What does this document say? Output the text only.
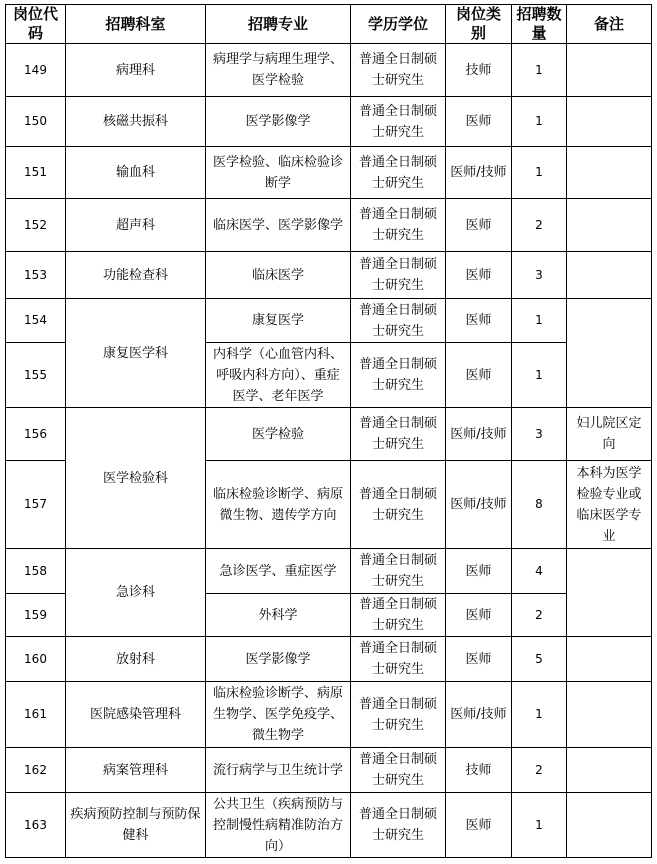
岗位代码	招聘科室	招聘专业	学历学位	岗位类别	招聘数量	备注
149	病理科	病理学与病理生理学、医学检验	普通全日制硕士研究生	技师	1	
150	核磁共振科	医学影像学	普通全日制硕士研究生	医师	1	
151	输血科	医学检验、临床检验诊断学	普通全日制硕士研究生	医师/技师	1	
152	超声科	临床医学、医学影像学	普通全日制硕士研究生	医师	2	
153	功能检查科	临床医学	普通全日制硕士研究生	医师	3	
154	康复医学科	康复医学	普通全日制硕士研究生	医师	1	
155		内科学（心血管内科、呼吸内科方向）、重症医学、老年医学	普通全日制硕士研究生	医师	1	
156	医学检验科	医学检验	普通全日制硕士研究生	医师/技师	3	妇儿院区定向
157		临床检验诊断学、病原微生物、遗传学方向	普通全日制硕士研究生	医师/技师	8	本科为医学检验专业或临床医学专业
158	急诊科	急诊医学、重症医学	普通全日制硕士研究生	医师	4	
159		外科学	普通全日制硕士研究生	医师	2	
160	放射科	医学影像学	普通全日制硕士研究生	医师	5	
161	医院感染管理科	临床检验诊断学、病原生物学、医学免疫学、微生物学	普通全日制硕士研究生	医师/技师	1	
162	病案管理科	流行病学与卫生统计学	普通全日制硕士研究生	技师	2	
163	疾病预防控制与预防保健科	公共卫生（疾病预防与控制慢性病精准防治方向）	普通全日制硕士研究生	医师	1	
